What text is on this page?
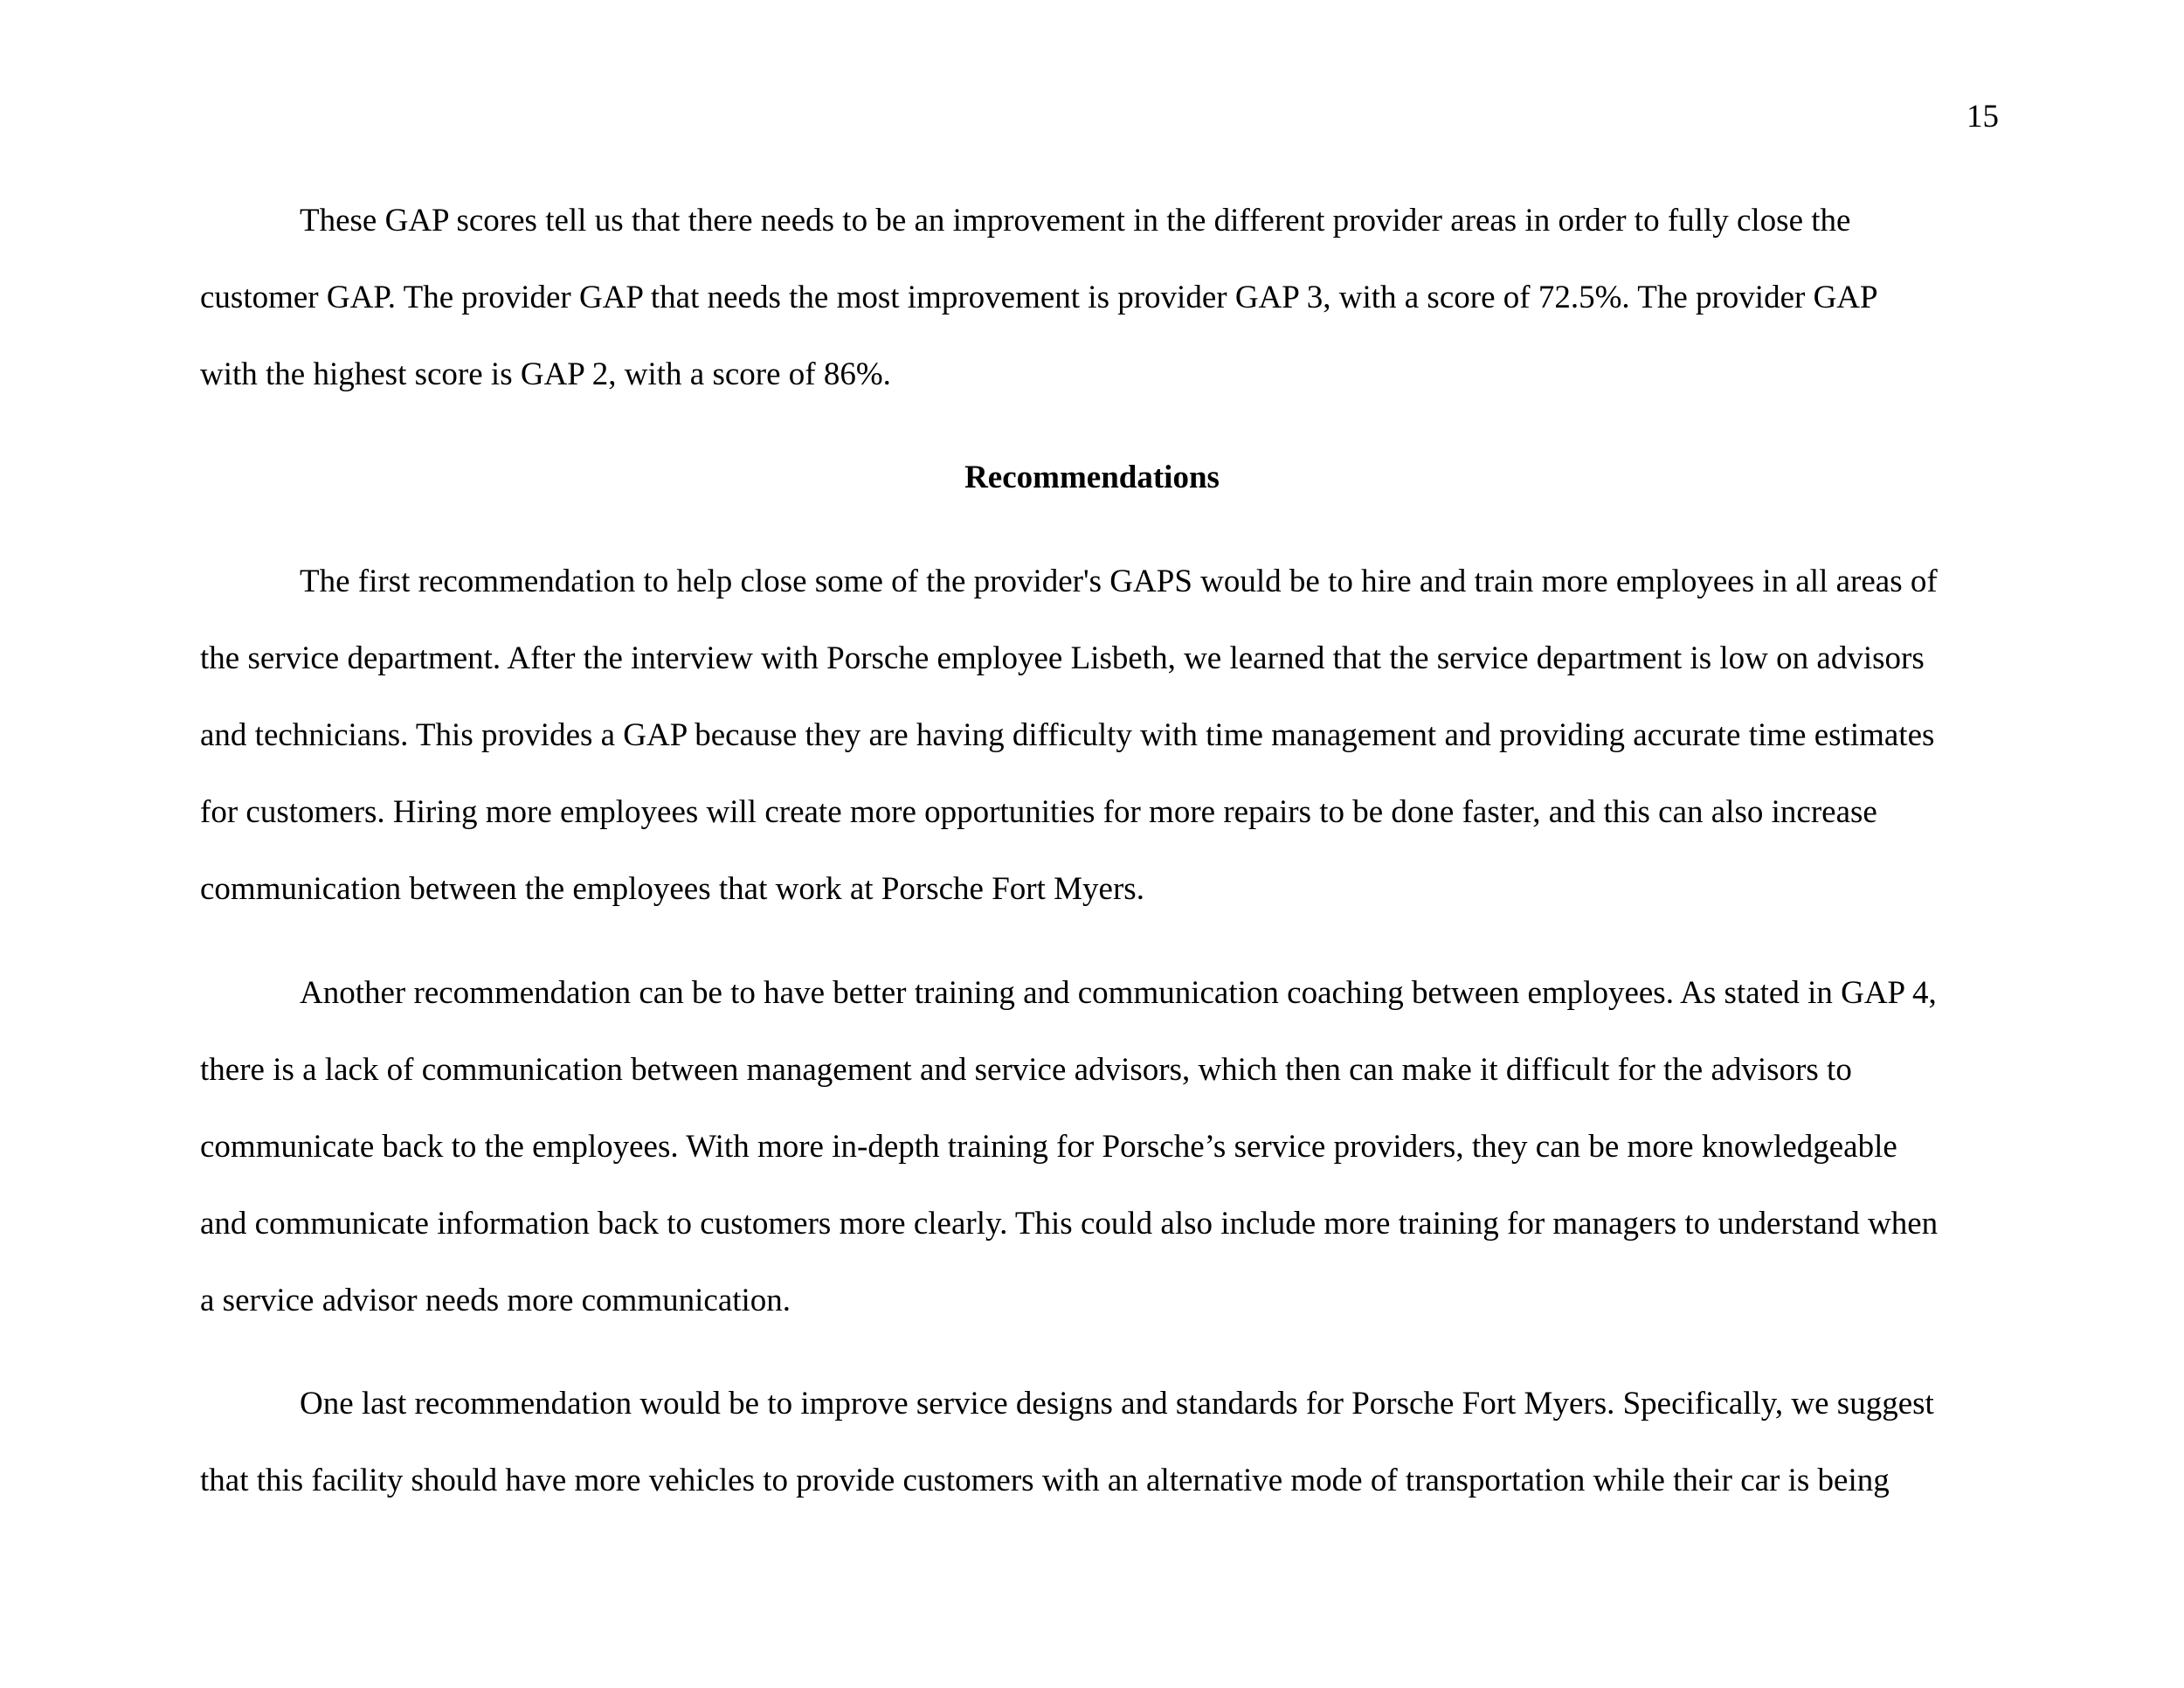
15
These GAP scores tell us that there needs to be an improvement in the different provider areas in order to fully close the
customer GAP. The provider GAP that needs the most improvement is provider GAP 3, with a score of 72.5%. The provider GAP
with the highest score is GAP 2, with a score of 86%.
Recommendations
The first recommendation to help close some of the provider's GAPS would be to hire and train more employees in all areas of
the service department. After the interview with Porsche employee Lisbeth, we learned that the service department is low on advisors
and technicians. This provides a GAP because they are having difficulty with time management and providing accurate time estimates
for customers. Hiring more employees will create more opportunities for more repairs to be done faster, and this can also increase
communication between the employees that work at Porsche Fort Myers.
Another recommendation can be to have better training and communication coaching between employees. As stated in GAP 4,
there is a lack of communication between management and service advisors, which then can make it difficult for the advisors to
communicate back to the employees. With more in-depth training for Porsche’s service providers, they can be more knowledgeable
and communicate information back to customers more clearly. This could also include more training for managers to understand when
a service advisor needs more communication.
One last recommendation would be to improve service designs and standards for Porsche Fort Myers. Specifically, we suggest
that this facility should have more vehicles to provide customers with an alternative mode of transportation while their car is being
